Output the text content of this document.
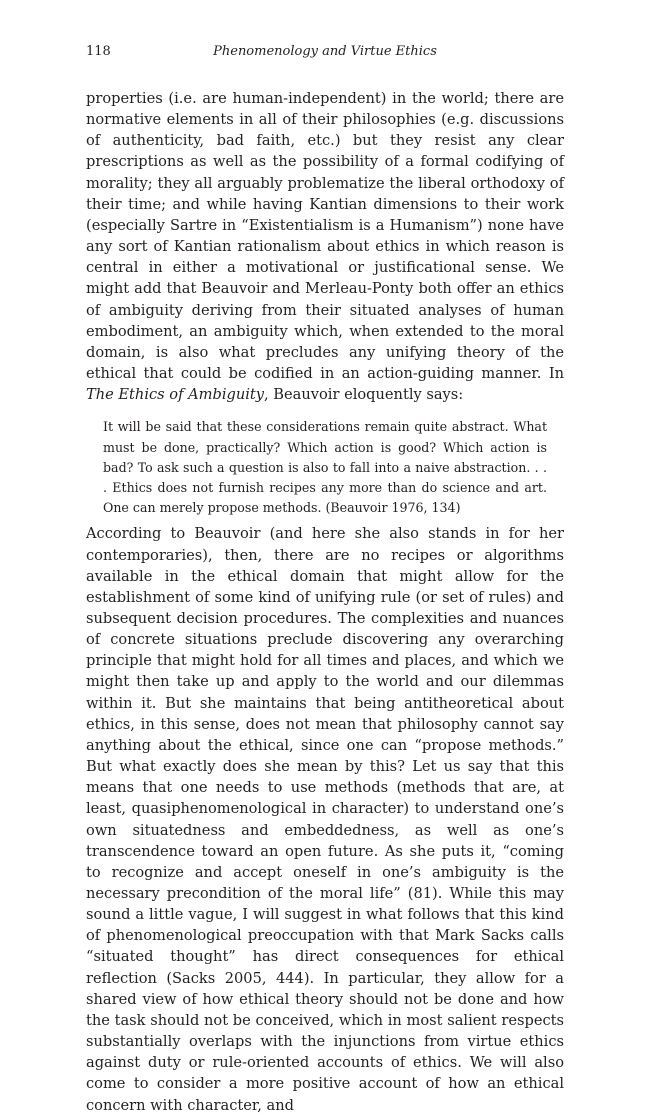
118	Phenomenology and Virtue Ethics

properties (i.e. are human-independent) in the world; there are normative elements in all of their philosophies (e.g. discussions of authenticity, bad faith, etc.) but they resist any clear prescriptions as well as the possibility of a formal codifying of morality; they all arguably problematize the liberal orthodoxy of their time; and while having Kantian dimensions to their work (especially Sartre in “Existentialism is a Humanism”) none have any sort of Kantian rationalism about ethics in which reason is central in either a motivational or justificational sense. We might add that Beauvoir and Merleau-Ponty both offer an ethics of ambiguity deriving from their situated analyses of human embodiment, an ambiguity which, when extended to the moral domain, is also what precludes any unifying theory of the ethical that could be codified in an action-guiding manner. In The Ethics of Ambiguity, Beauvoir eloquently says:

It will be said that these considerations remain quite abstract. What must be done, practically? Which action is good? Which action is bad? To ask such a question is also to fall into a naive abstraction. . . . Ethics does not furnish recipes any more than do science and art. One can merely propose methods. (Beauvoir 1976, 134)

According to Beauvoir (and here she also stands in for her contemporaries), then, there are no recipes or algorithms available in the ethical domain that might allow for the establishment of some kind of unifying rule (or set of rules) and subsequent decision procedures. The complexities and nuances of concrete situations preclude discovering any overarching principle that might hold for all times and places, and which we might then take up and apply to the world and our dilemmas within it. But she maintains that being antitheoretical about ethics, in this sense, does not mean that philosophy cannot say anything about the ethical, since one can “propose methods.” But what exactly does she mean by this? Let us say that this means that one needs to use methods (methods that are, at least, quasiphenomenological in character) to understand one’s own situatedness and embeddedness, as well as one’s transcendence toward an open future. As she puts it, “coming to recognize and accept oneself in one’s ambiguity is the necessary precondition of the moral life” (81). While this may sound a little vague, I will suggest in what follows that this kind of phenomenological preoccupation with that Mark Sacks calls “situated thought” has direct consequences for ethical reflection (Sacks 2005, 444). In particular, they allow for a shared view of how ethical theory should not be done and how the task should not be conceived, which in most salient respects substantially overlaps with the injunctions from virtue ethics against duty or rule-oriented accounts of ethics. We will also come to consider a more positive account of how an ethical concern with character, and
